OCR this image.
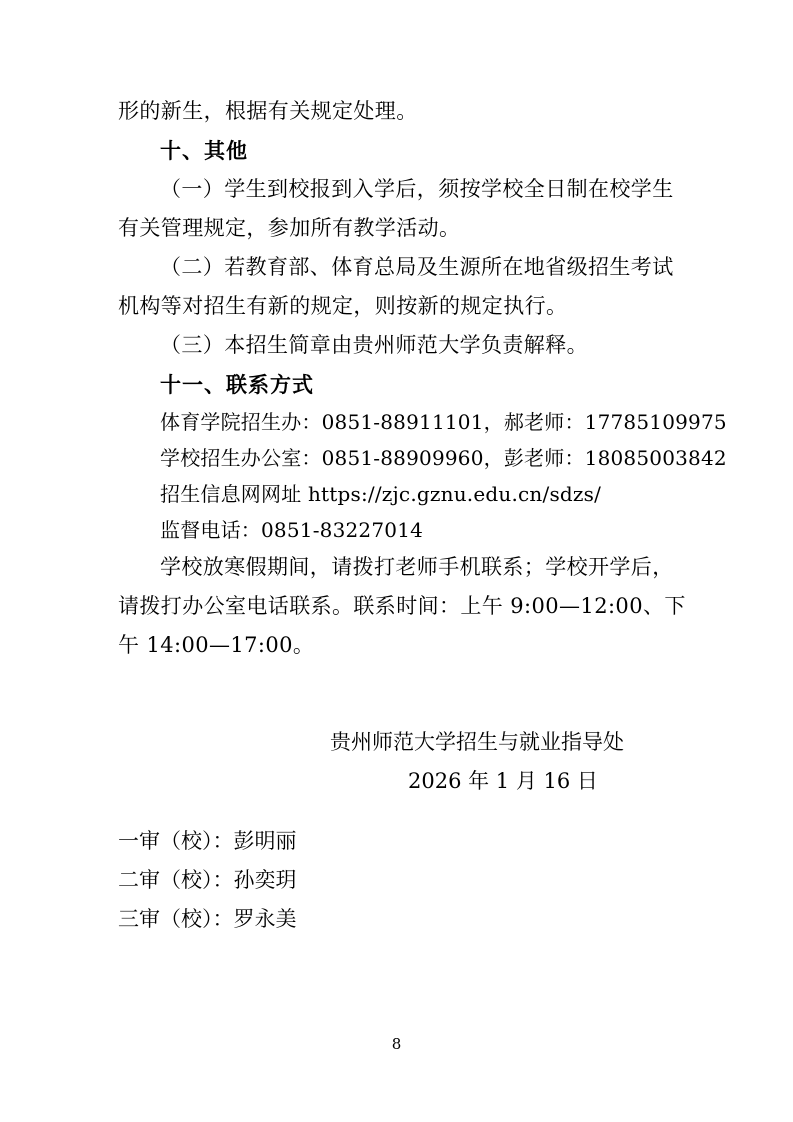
形的新生，根据有关规定处理。
十、其他
（一）学生到校报到入学后，须按学校全日制在校学生
有关管理规定，参加所有教学活动。
（二）若教育部、体育总局及生源所在地省级招生考试
机构等对招生有新的规定，则按新的规定执行。
（三）本招生简章由贵州师范大学负责解释。
十一、联系方式
体育学院招生办：0851-88911101，郝老师：17785109975
学校招生办公室：0851-88909960，彭老师：18085003842
招生信息网网址 https://zjc.gznu.edu.cn/sdzs/
监督电话：0851-83227014
学校放寒假期间，请拨打老师手机联系；学校开学后，
请拨打办公室电话联系。联系时间：上午 9:00—12:00、下
午 14:00—17:00。
贵州师范大学招生与就业指导处
2026 年 1 月 16 日
一审（校）：彭明丽
二审（校）：孙奕玥
三审（校）：罗永美
8
